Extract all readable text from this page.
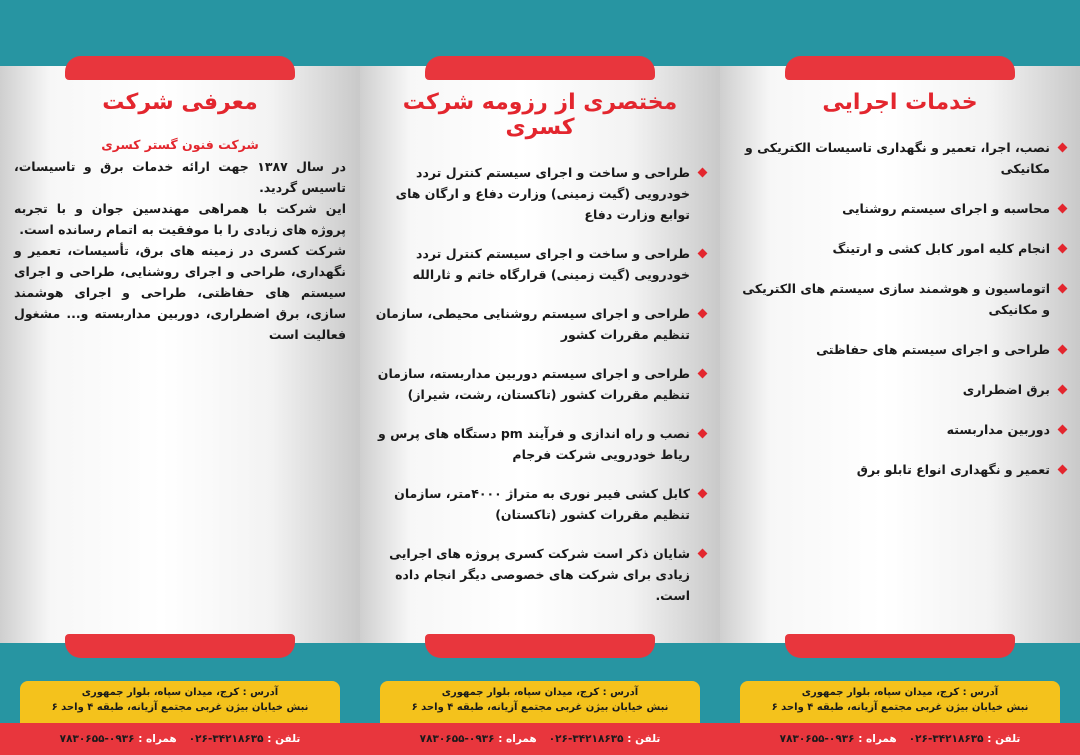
معرفی شرکت
شرکت فنون گستر کسری

در سال ۱۳۸۷ جهت ارائه خدمات برق و تاسیسات، تاسیس گردید.

این شرکت با همراهی مهندسین جوان و با تجربه پروژه های زیادی را با موفقیت به اتمام رسانده است.

شرکت کسری در زمینه های برق، تأسیسات، تعمیر و نگهداری، طراحی و اجرای روشنایی، طراحی و اجرای سیستم های حفاظتی، طراحی و اجرای هوشمند سازی، برق اضطراری، دوربین مداربسته و... مشغول فعالیت است

آدرس : کرج، میدان سپاه، بلوار جمهوری
نبش خیابان بیژن غربی مجتمع آزیانه، طبقه ۴ واحد ۶
تلفن : ۳۴۲۱۸۶۳۵-۰۲۶
همراه : ۰۹۳۶-۷۸۳۰۶۵۵
مختصری از رزومه شرکت کسری
طراحی و ساخت و اجرای سیستم کنترل تردد خودرویی (گیت زمینی) وزارت دفاع و ارگان های توابع وزارت دفاع
طراحی و ساخت و اجرای سیستم کنترل تردد خودرویی (گیت زمینی) قرارگاه خاتم و ثارالله
طراحی و اجرای سیستم روشنایی محیطی، سازمان تنظیم مقررات کشور
طراحی و اجرای سیستم دوربین مداربسته، سازمان تنظیم مقررات کشور (تاکستان، رشت، شیراز)
نصب و راه اندازی و فرآیند pm دستگاه های پرس و ریاط خودرویی شرکت فرجام
کابل کشی فیبر نوری به متراژ ۴۰۰۰متر، سازمان تنظیم مقررات کشور (تاکستان)
شایان ذکر است شرکت کسری پروژه های اجرایی زیادی برای شرکت های خصوصی دیگر انجام داده است.
آدرس : کرج، میدان سپاه، بلوار جمهوری
نبش خیابان بیژن غربی مجتمع آزیانه، طبقه ۴ واحد ۶
تلفن : ۳۴۲۱۸۶۳۵-۰۲۶
همراه : ۰۹۳۶-۷۸۳۰۶۵۵
خدمات اجرایی
نصب، اجرا، تعمیر و نگهداری تاسیسات الکتریکی و مکانیکی
محاسبه و اجرای سیستم روشنایی
انجام کلیه امور کابل کشی و ارتینگ
اتوماسیون و هوشمند سازی سیستم های الکتریکی و مکانیکی
طراحی و اجرای سیستم های حفاظتی
برق اضطراری
دوربین مداربسته
تعمیر و نگهداری انواع تابلو برق
آدرس : کرج، میدان سپاه، بلوار جمهوری
نبش خیابان بیژن غربی مجتمع آزیانه، طبقه ۴ واحد ۶
تلفن : ۳۴۲۱۸۶۳۵-۰۲۶
همراه : ۰۹۳۶-۷۸۳۰۶۵۵
